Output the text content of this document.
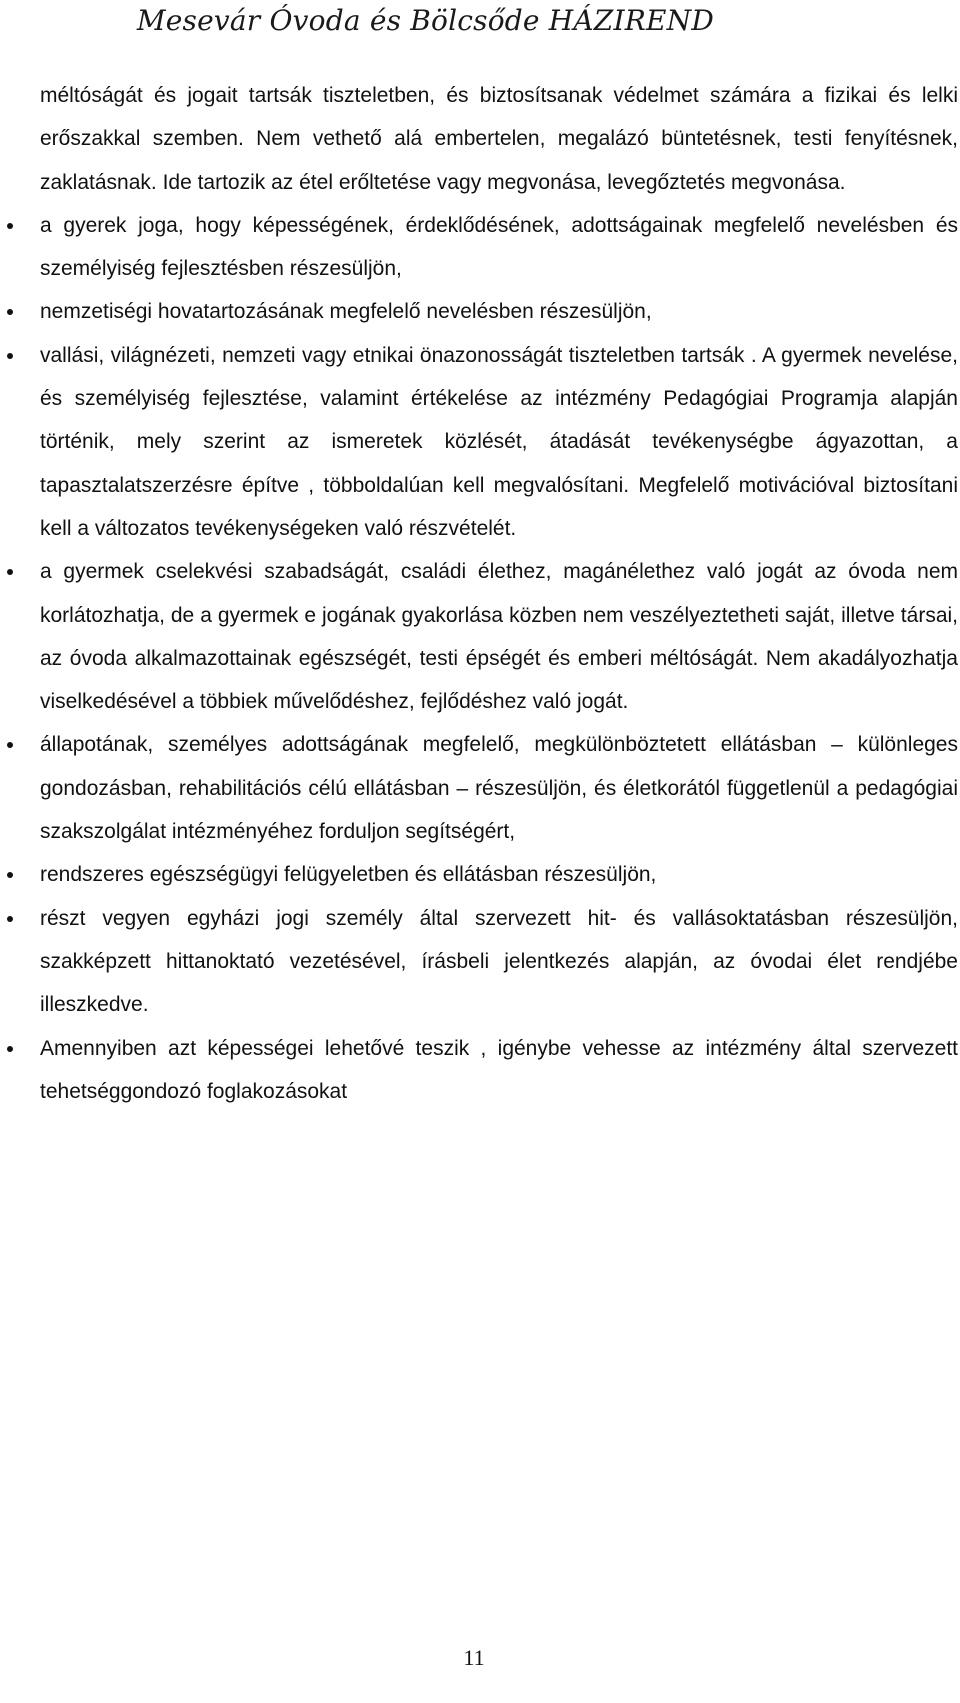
Mesevár Óvoda és Bölcsőde HÁZIREND

méltóságát és jogait tartsák tiszteletben, és biztosítsanak védelmet számára a fizikai és lelki erőszakkal szemben. Nem vethető alá embertelen, megalázó büntetésnek, testi fenyítésnek, zaklatásnak. Ide tartozik az étel erőltetése vagy megvonása, levegőztetés megvonása.

a gyerek joga, hogy képességének, érdeklődésének, adottságainak megfelelő nevelésben és személyiség fejlesztésben részesüljön,
nemzetiségi hovatartozásának megfelelő nevelésben részesüljön,
vallási, világnézeti, nemzeti vagy etnikai önazonosságát tiszteletben tartsák . A gyermek nevelése, és személyiség fejlesztése, valamint értékelése az intézmény Pedagógiai Programja alapján történik, mely szerint az ismeretek közlését, átadását tevékenységbe ágyazottan, a tapasztalatszerzésre építve , többoldalúan kell megvalósítani. Megfelelő motivációval biztosítani kell a változatos tevékenységeken való részvételét.
a gyermek cselekvési szabadságát, családi élethez, magánélethez való jogát az óvoda nem korlátozhatja, de a gyermek e jogának gyakorlása közben nem veszélyeztetheti saját, illetve társai, az óvoda alkalmazottainak egészségét, testi épségét és emberi méltóságát. Nem akadályozhatja viselkedésével a többiek művelődéshez, fejlődéshez való jogát.
állapotának, személyes adottságának megfelelő, megkülönböztetett ellátásban – különleges gondozásban, rehabilitációs célú ellátásban – részesüljön, és életkorától függetlenül a pedagógiai szakszolgálat intézményéhez forduljon segítségért,
rendszeres egészségügyi felügyeletben és ellátásban részesüljön,
részt vegyen egyházi jogi személy által szervezett hit- és vallásoktatásban részesüljön, szakképzett hittanoktató vezetésével, írásbeli jelentkezés alapján, az óvodai élet rendjébe illeszkedve.
Amennyiben azt képességei lehetővé teszik , igénybe vehesse az intézmény által szervezett tehetséggondozó foglakozásokat
11
